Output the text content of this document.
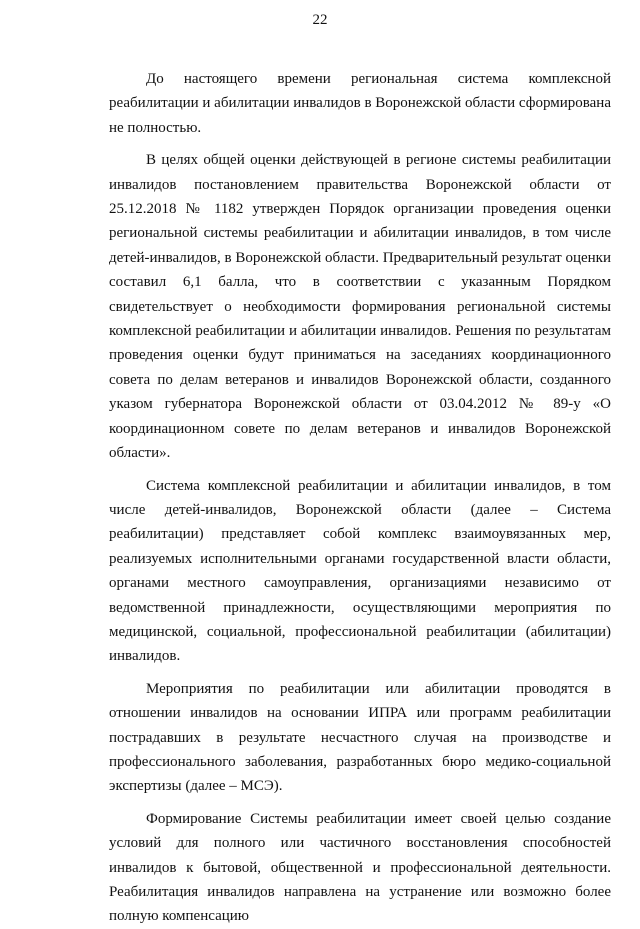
22

До настоящего времени региональная система комплексной реабилитации и абилитации инвалидов в Воронежской области сформирована не полностью.

В целях общей оценки действующей в регионе системы реабилитации инвалидов постановлением правительства Воронежской области от 25.12.2018 № 1182 утвержден Порядок организации проведения оценки региональной системы реабилитации и абилитации инвалидов, в том числе детей-инвалидов, в Воронежской области. Предварительный результат оценки составил 6,1 балла, что в соответствии с указанным Порядком свидетельствует о необходимости формирования региональной системы комплексной реабилитации и абилитации инвалидов. Решения по результатам проведения оценки будут приниматься на заседаниях координационного совета по делам ветеранов и инвалидов Воронежской области, созданного указом губернатора Воронежской области от 03.04.2012 № 89-у «О координационном совете по делам ветеранов и инвалидов Воронежской области».

Система комплексной реабилитации и абилитации инвалидов, в том числе детей-инвалидов, Воронежской области (далее – Система реабилитации) представляет собой комплекс взаимоувязанных мер, реализуемых исполнительными органами государственной власти области, органами местного самоуправления, организациями независимо от ведомственной принадлежности, осуществляющими мероприятия по медицинской, социальной, профессиональной реабилитации (абилитации) инвалидов.

Мероприятия по реабилитации или абилитации проводятся в отношении инвалидов на основании ИПРА или программ реабилитации пострадавших в результате несчастного случая на производстве и профессионального заболевания, разработанных бюро медико-социальной экспертизы (далее – МСЭ).

Формирование Системы реабилитации имеет своей целью создание условий для полного или частичного восстановления способностей инвалидов к бытовой, общественной и профессиональной деятельности. Реабилитация инвалидов направлена на устранение или возможно более полную компенсацию
